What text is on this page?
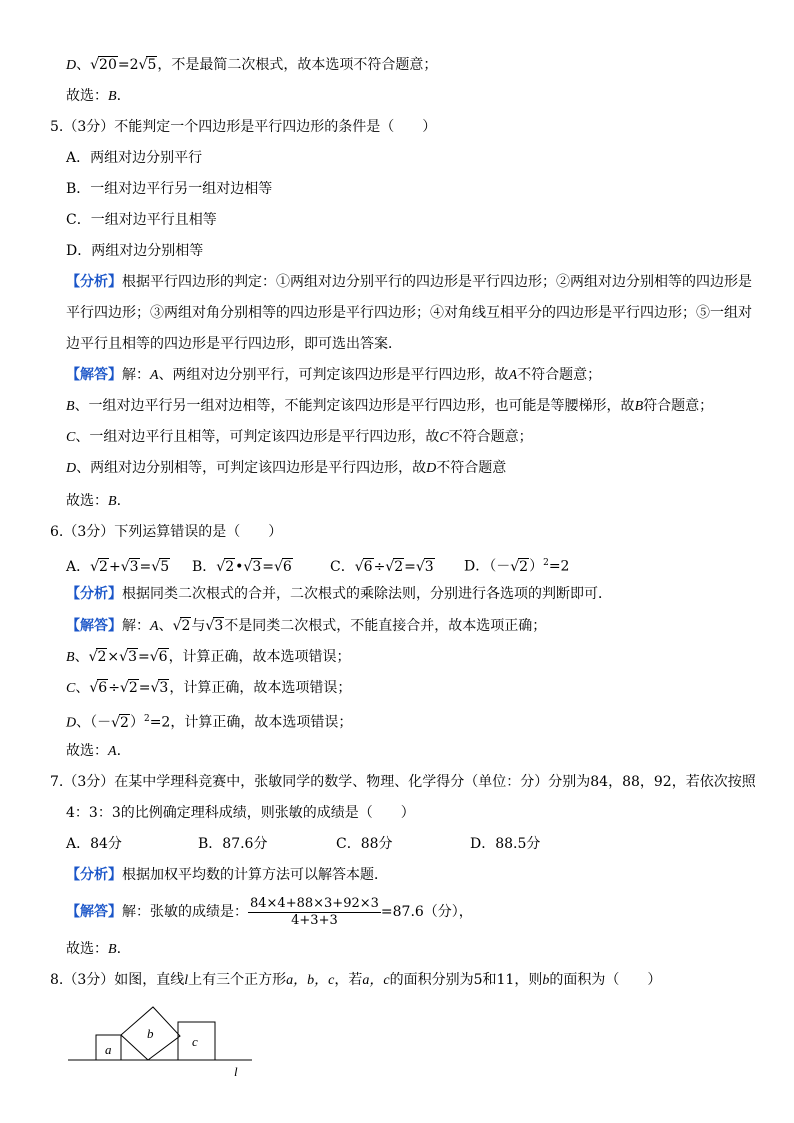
D、√20=2√5，不是最简二次根式，故本选项不符合题意；
故选：B.
5.（3分）不能判定一个四边形是平行四边形的条件是（　　）
A．两组对边分别平行
B．一组对边平行另一组对边相等
C．一组对边平行且相等
D．两组对边分别相等
【分析】根据平行四边形的判定：①两组对边分别平行的四边形是平行四边形；②两组对边分别相等的四边形是
平行四边形；③两组对角分别相等的四边形是平行四边形；④对角线互相平分的四边形是平行四边形；⑤一组对
边平行且相等的四边形是平行四边形，即可选出答案．
【解答】解：A、两组对边分别平行，可判定该四边形是平行四边形，故A不符合题意；
B、一组对边平行另一组对边相等，不能判定该四边形是平行四边形，也可能是等腰梯形，故B符合题意；
C、一组对边平行且相等，可判定该四边形是平行四边形，故C不符合题意；
D、两组对边分别相等，可判定该四边形是平行四边形，故D不符合题意
故选：B.
6.（3分）下列运算错误的是（　　）
A．√2+√3=√5 B．√2•√3=√6	C．√6÷√2=√3 D．$(-√2)^2=2$
【分析】根据同类二次根式的合并，二次根式的乘除法则，分别进行各选项的判断即可．
【解答】解：A、√2与√3不是同类二次根式，不能直接合并，故本选项正确；
B、√2×√3=√6，计算正确，故本选项错误；
C、√6÷√2=√3，计算正确，故本选项错误；
D、$(-√2)^2=2$，计算正确，故本选项错误；
故选：A.
7.（3分）在某中学理科竞赛中，张敏同学的数学、物理、化学得分（单位：分）分别为84，88，92，若依次按照
4：3：3的比例确定理科成绩，则张敏的成绩是（　　）
A．84分	B．87.6分	C．88分	D．88.5分
【分析】根据加权平均数的计算方法可以解答本题．
【解答】解：张敏的成绩是： $\frac{84\times 4+88\times 3+92\times 3}{4+3+3} =87.6$（分），
故选：B.
8.（3分）如图，直线l上有三个正方形a，b，c，若a，c的面积分别为5和11，则b的面积为（　　）
a
b
c
l
